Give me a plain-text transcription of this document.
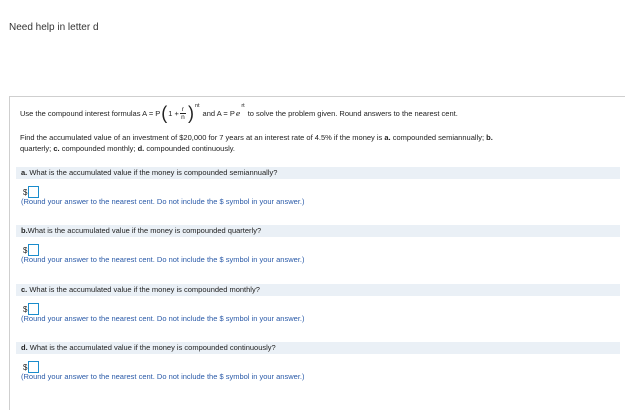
Need help in letter d
Use the compound interest formulas A = P ( $1 + \frac{r}{n}$ ) nt
and A = P e
rt
to solve the problem given. Round answers to the nearest cent.
Find the accumulated value of an investment of $20,000 for 7 years at an interest rate of 4.5% if the money is a. compounded semiannually; b.
quarterly; c. compounded monthly; d. compounded continuously.
a. What is the accumulated value if the money is compounded semiannually?
$
(Round your answer to the nearest cent. Do not include the $ symbol in your answer.)
b.What is the accumulated value if the money is compounded quarterly?
$
(Round your answer to the nearest cent. Do not include the $ symbol in your answer.)
c. What is the accumulated value if the money is compounded monthly?
$
(Round your answer to the nearest cent. Do not include the $ symbol in your answer.)
d. What is the accumulated value if the money is compounded continuously?
$
(Round your answer to the nearest cent. Do not include the $ symbol in your answer.)
